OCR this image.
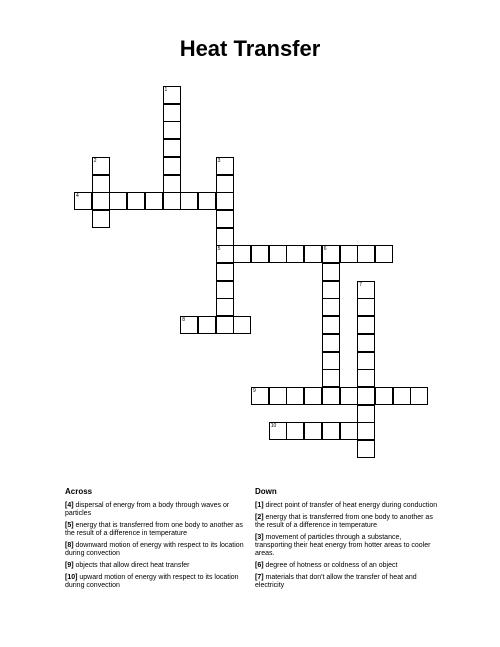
Heat Transfer
1
2	3
5
4
6
7
8
9
10
Across
[4] dispersal of energy from a body through waves or particles
[5] energy that is transferred from one body to another as the result of a difference in temperature
[8] downward motion of energy with respect to its location during convection
[9] objects that allow direct heat transfer
[10] upward motion of energy with respect to its location during convection
Down
[1] direct point of transfer of heat energy during conduction
[2] energy that is transferred from one body to another as the result of a difference in temperature
[3] movement of particles through a substance, transporting their heat energy from hotter areas to cooler areas.
[6] degree of hotness or coldness of an object
[7] materials that don't allow the transfer of heat and electricity
